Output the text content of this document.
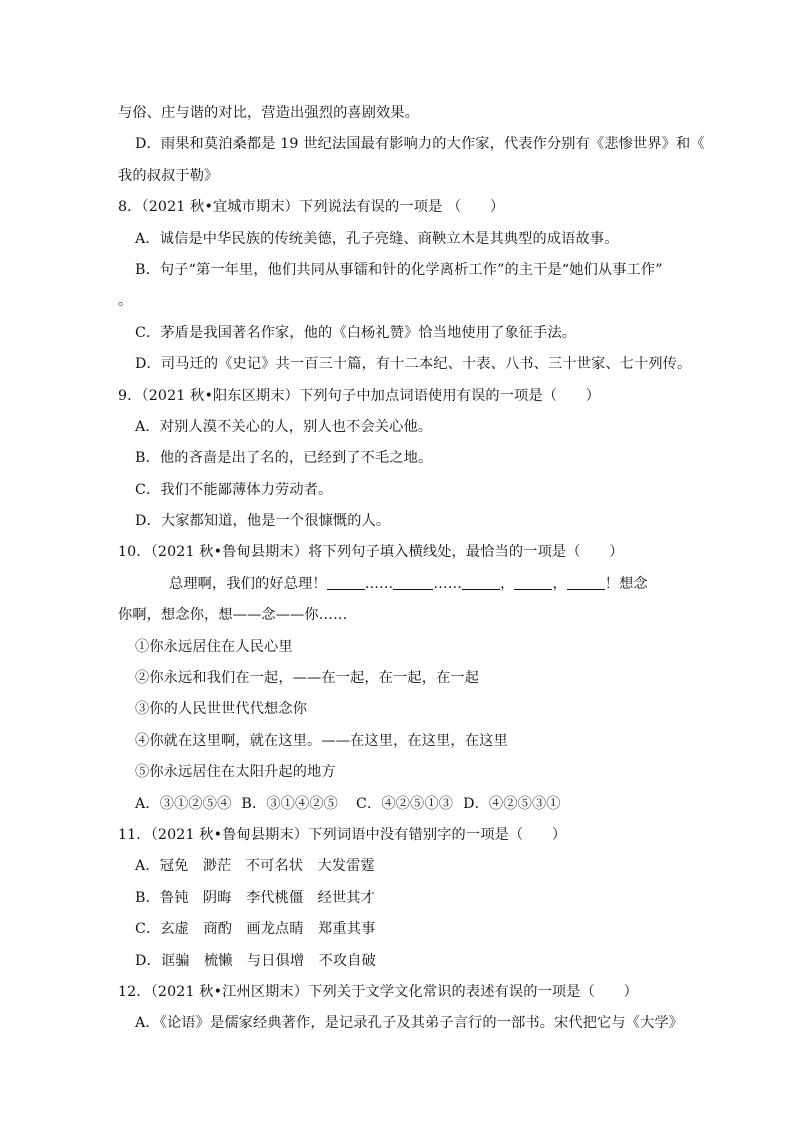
与俗、庄与谐的对比，营造出强烈的喜剧效果。
D．雨果和莫泊桑都是 19 世纪法国最有影响力的大作家，代表作分别有《悲惨世界》和《
我的叔叔于勒》
8．（2021 秋•宜城市期末）下列说法有误的一项是 （　　）
A．诚信是中华民族的传统美德，孔子亮缝、商鞅立木是其典型的成语故事。
B．句子“第一年里，他们共同从事镭和针的化学离析工作”的主干是“她们从事工作”
。
C．茅盾是我国著名作家，他的《白杨礼赞》恰当地使用了象征手法。
D．司马迁的《史记》共一百三十篇，有十二本纪、十表、八书、三十世家、七十列传。
9．（2021 秋•阳东区期末）下列句子中加点词语使用有误的一项是（　　）
A．对别人漠不关心的人，别人也不会关心他。
B．他的吝啬是出了名的，已经到了不毛之地。
C．我们不能鄙薄体力劳动者。
D．大家都知道，他是一个很慷慨的人。
10．（2021 秋•鲁甸县期末）将下列句子填入横线处，最恰当的一项是（　　）
总理啊，我们的好总理！	……	……	，	，	！想念
你啊，想念你，想——念——你……
①你永远居住在人民心里
②你永远和我们在一起，——在一起，在一起，在一起
③你的人民世世代代想念你
④你就在这里啊，就在这里。——在这里，在这里，在这里
⑤你永远居住在太阳升起的地方
A．③①②⑤④ B．③①④②⑤ C．④②⑤①③ D．④②⑤③①
11．（2021 秋•鲁甸县期末）下列词语中没有错别字的一项是（　　）
A．冠免　渺茫　不可名状　大发雷霆
B．鲁钝　阴晦　李代桃僵　经世其才
C．玄虚　商酌　画龙点睛　郑重其事
D．诓骗　梳懒　与日俱增　不攻自破
12．（2021 秋•江州区期末）下列关于文学文化常识的表述有误的一项是（　　）
A．《论语》是儒家经典著作，是记录孔子及其弟子言行的一部书。宋代把它与《大学》
